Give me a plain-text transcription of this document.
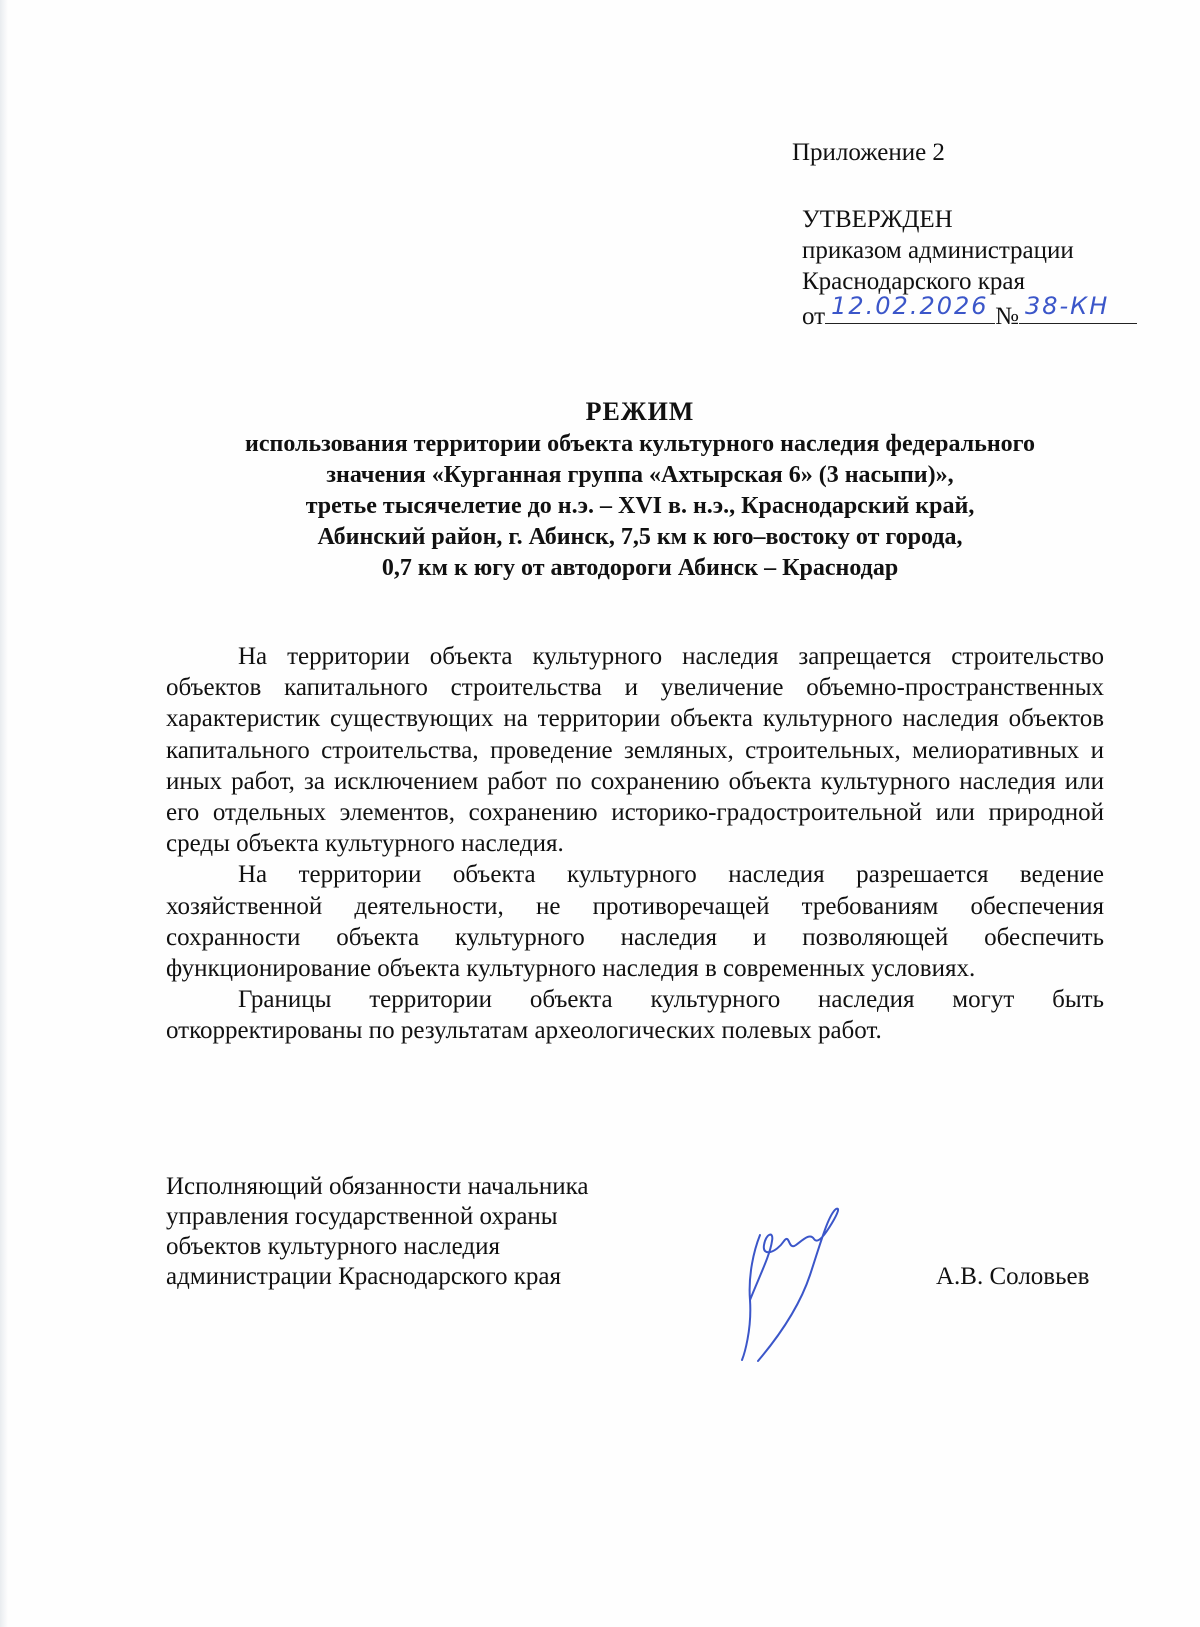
Приложение 2
УТВЕРЖДЕН
приказом администрации
Краснодарского края
от 12.02.2026 № 38-КН
РЕЖИМ
использования территории объекта культурного наследия федерального
значения «Курганная группа «Ахтырская 6» (3 насыпи)»,
третье тысячелетие до н.э. – XVI в. н.э., Краснодарский край,
Абинский район, г. Абинск, 7,5 км к юго–востоку от города,
0,7 км к югу от автодороги Абинск – Краснодар

На территории объекта культурного наследия запрещается строительство объектов капитального строительства и увеличение объемно-пространственных характеристик существующих на территории объекта культурного наследия объектов капитального строительства, проведение земляных, строительных, мелиоративных и иных работ, за исключением работ по сохранению объекта культурного наследия или его отдельных элементов, сохранению историко-градостроительной или природной среды объекта культурного наследия.

На территории объекта культурного наследия разрешается ведение хозяйственной деятельности, не противоречащей требованиям обеспечения сохранности объекта культурного наследия и позволяющей обеспечить функционирование объекта культурного наследия в современных условиях.

Границы территории объекта культурного наследия могут быть откорректированы по результатам археологических полевых работ.

Исполняющий обязанности начальника
управления государственной охраны
объектов культурного наследия
администрации Краснодарского края	А.В. Соловьев
